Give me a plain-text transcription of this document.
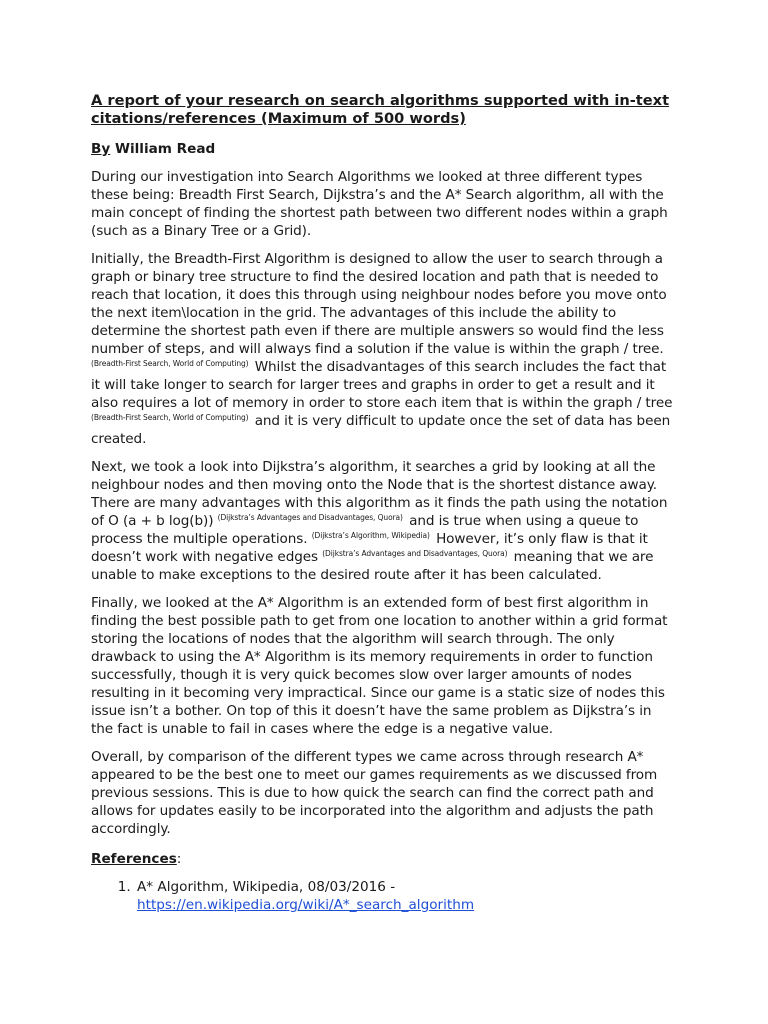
A report of your research on search algorithms supported with in-text citations/references (Maximum of 500 words)
By William Read

During our investigation into Search Algorithms we looked at three different types these being: Breadth First Search, Dijkstra’s and the A* Search algorithm, all with the main concept of finding the shortest path between two different nodes within a graph (such as a Binary Tree or a Grid).

Initially, the Breadth-First Algorithm is designed to allow the user to search through a graph or binary tree structure to find the desired location and path that is needed to reach that location, it does this through using neighbour nodes before you move onto the next item\location in the grid. The advantages of this include the ability to determine the shortest path even if there are multiple answers so would find the less number of steps, and will always find a solution if the value is within the graph / tree. $^{(Breadth-First Search, World of Computing)}$ Whilst the disadvantages of this search includes the fact that it will take longer to search for larger trees and graphs in order to get a result and it also requires a lot of memory in order to store each item that is within the graph / tree $^{(Breadth-First Search, World of Computing)}$ and it is very difficult to update once the set of data has been created.

Next, we took a look into Dijkstra’s algorithm, it searches a grid by looking at all the neighbour nodes and then moving onto the Node that is the shortest distance away. There are many advantages with this algorithm as it finds the path using the notation of O (a + b log(b)) $^{(Dijkstra’s Advantages and Disadvantages, Quora)}$ and is true when using a queue to process the multiple operations. $^{(Dijkstra’s Algorithm, Wikipedia)}$ However, it’s only flaw is that it doesn’t work with negative edges $^{(Dijkstra’s Advantages and Disadvantages, Quora)}$ meaning that we are unable to make exceptions to the desired route after it has been calculated.

Finally, we looked at the A* Algorithm is an extended form of best first algorithm in finding the best possible path to get from one location to another within a grid format storing the locations of nodes that the algorithm will search through. The only drawback to using the A* Algorithm is its memory requirements in order to function successfully, though it is very quick becomes slow over larger amounts of nodes resulting in it becoming very impractical. Since our game is a static size of nodes this issue isn’t a bother. On top of this it doesn’t have the same problem as Dijkstra’s in the fact is unable to fail in cases where the edge is a negative value.

Overall, by comparison of the different types we came across through research A* appeared to be the best one to meet our games requirements as we discussed from previous sessions. This is due to how quick the search can find the correct path and allows for updates easily to be incorporated into the algorithm and adjusts the path accordingly.

References:
1. A* Algorithm, Wikipedia, 08/03/2016 -
https://en.wikipedia.org/wiki/A*_search_algorithm
